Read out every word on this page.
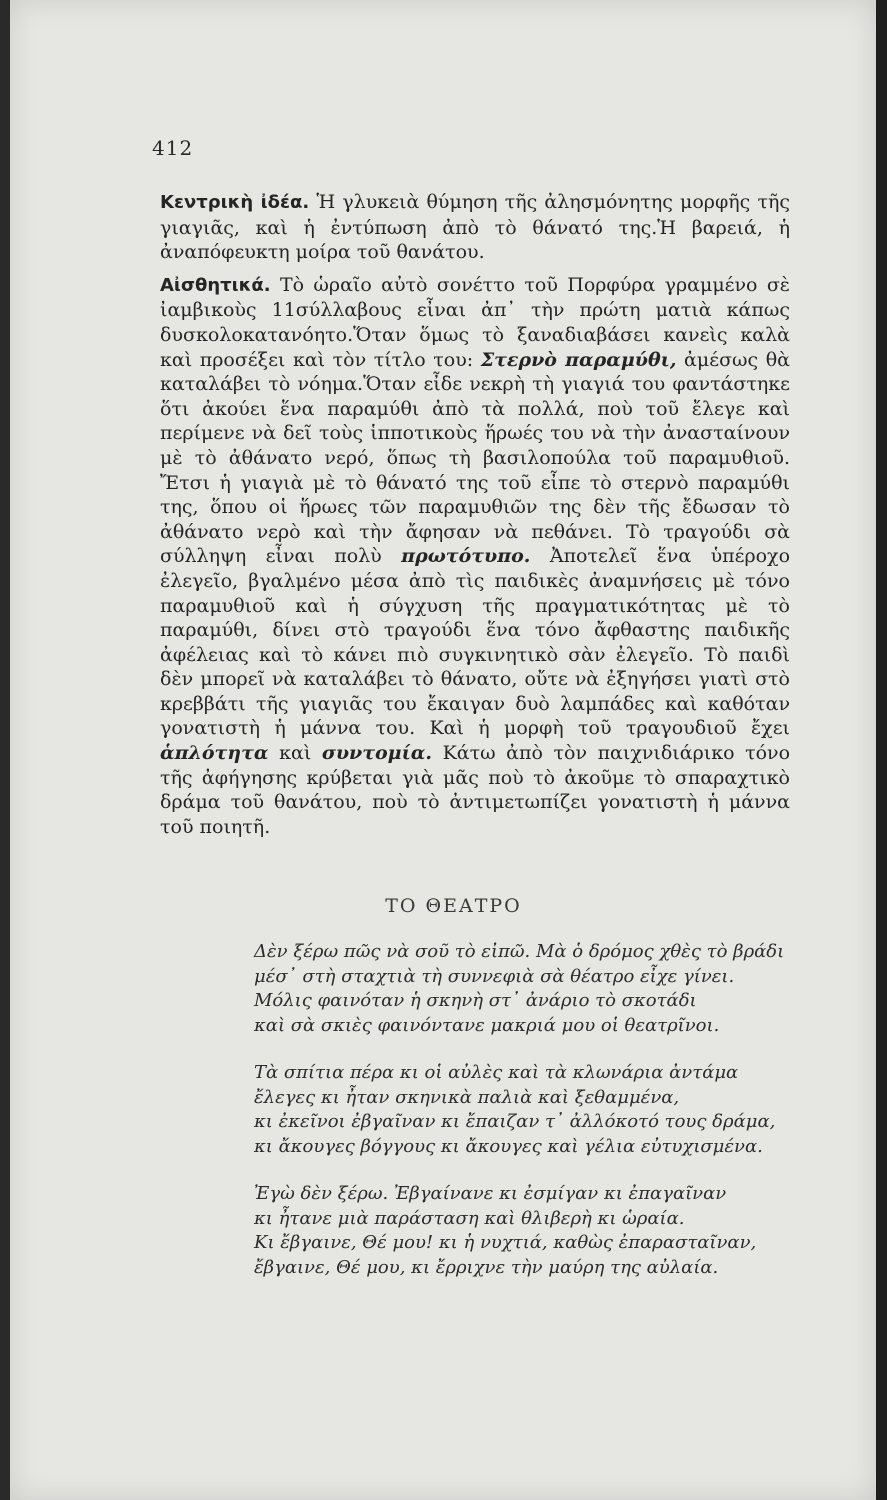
412

Κεντρικὴ ἰδέα. Ἡ γλυκειὰ θύμηση τῆς ἀλησμόνητης μορφῆς τῆς γιαγιᾶς, καὶ ἡ ἐντύπωση ἀπὸ τὸ θάνατό της.Ἡ βαρειά, ἡ ἀναπόφευκτη μοίρα τοῦ θανάτου.

Αἰσθητικά. Τὸ ὡραῖο αὐτὸ σονέττο τοῦ Πορφύρα γραμμένο σὲ ἰαμβικοὺς 11σύλλαβους εἶναι ἀπ᾽ τὴν πρώτη ματιὰ κάπως δυσκολοκατανόητο.Ὅταν ὅμως τὸ ξαναδιαβάσει κανεὶς καλὰ καὶ προσέξει καὶ τὸν τίτλο του: Στερνὸ παραμύθι, ἀμέσως θὰ καταλάβει τὸ νόημα.Ὅταν εἶδε νεκρὴ τὴ γιαγιά του φαντάστηκε ὅτι ἀκούει ἕνα παραμύθι ἀπὸ τὰ πολλά, ποὺ τοῦ ἔλεγε καὶ περίμενε νὰ δεῖ τοὺς ἱπποτικοὺς ἥρωές του νὰ τὴν ἀνασταίνουν μὲ τὸ ἀθάνατο νερό, ὅπως τὴ βασιλοπούλα τοῦ παραμυθιοῦ. Ἔτσι ἡ γιαγιὰ μὲ τὸ θάνατό της τοῦ εἶπε τὸ στερνὸ παραμύθι της, ὅπου οἱ ἥρωες τῶν παραμυθιῶν της δὲν τῆς ἔδωσαν τὸ ἀθάνατο νερὸ καὶ τὴν ἄφησαν νὰ πεθάνει. Τὸ τραγούδι σὰ σύλληψη εἶναι πολὺ πρωτότυπο. Ἀποτελεῖ ἕνα ὑπέροχο ἐλεγεῖο, βγαλμένο μέσα ἀπὸ τὶς παιδικὲς ἀναμνήσεις μὲ τόνο παραμυθιοῦ καὶ ἡ σύγχυση τῆς πραγματικότητας μὲ τὸ παραμύθι, δίνει στὸ τραγούδι ἕνα τόνο ἄφθαστης παιδικῆς ἀφέλειας καὶ τὸ κάνει πιὸ συγκινητικὸ σὰν ἐλεγεῖο. Τὸ παιδὶ δὲν μπορεῖ νὰ καταλάβει τὸ θάνατο, οὔτε νὰ ἐξηγήσει γιατὶ στὸ κρεββάτι τῆς γιαγιᾶς του ἔκαιγαν δυὸ λαμπάδες καὶ καθόταν γονατιστὴ ἡ μάννα του. Καὶ ἡ μορφὴ τοῦ τραγουδιοῦ ἔχει ἁπλότητα καὶ συντομία. Κάτω ἀπὸ τὸν παιχνιδιάρικο τόνο τῆς ἀφήγησης κρύβεται γιὰ μᾶς ποὺ τὸ ἀκοῦμε τὸ σπαραχτικὸ δράμα τοῦ θανάτου, ποὺ τὸ ἀντιμετωπίζει γονατιστὴ ἡ μάννα τοῦ ποιητῆ.

ΤΟ ΘΕΑΤΡΟ
Δὲν ξέρω πῶς νὰ σοῦ τὸ εἰπῶ. Μὰ ὁ δρόμος χθὲς τὸ βράδι
μέσ᾽ στὴ σταχτιὰ τὴ συννεφιὰ σὰ θέατρο εἶχε γίνει.
Μόλις φαινόταν ἡ σκηνὴ στ᾽ ἀνάριο τὸ σκοτάδι
καὶ σὰ σκιὲς φαινόντανε μακριά μου οἱ θεατρῖνοι.
Τὰ σπίτια πέρα κι οἱ αὐλὲς καὶ τὰ κλωνάρια ἀντάμα
ἔλεγες κι ἦταν σκηνικὰ παλιὰ καὶ ξεθαμμένα,
κι ἐκεῖνοι ἐβγαῖναν κι ἔπαιζαν τ᾽ ἀλλόκοτό τους δράμα,
κι ἄκουγες βόγγους κι ἄκουγες καὶ γέλια εὐτυχισμένα.
Ἐγὼ δὲν ξέρω. Ἐβγαίνανε κι ἐσμίγαν κι ἐπαγαῖναν
κι ἦτανε μιὰ παράσταση καὶ θλιβερὴ κι ὡραία.
Κι ἔβγαινε, Θέ μου! κι ἡ νυχτιά, καθὼς ἐπαρασταῖναν,
ἔβγαινε, Θέ μου, κι ἔρριχνε τὴν μαύρη της αὐλαία.
